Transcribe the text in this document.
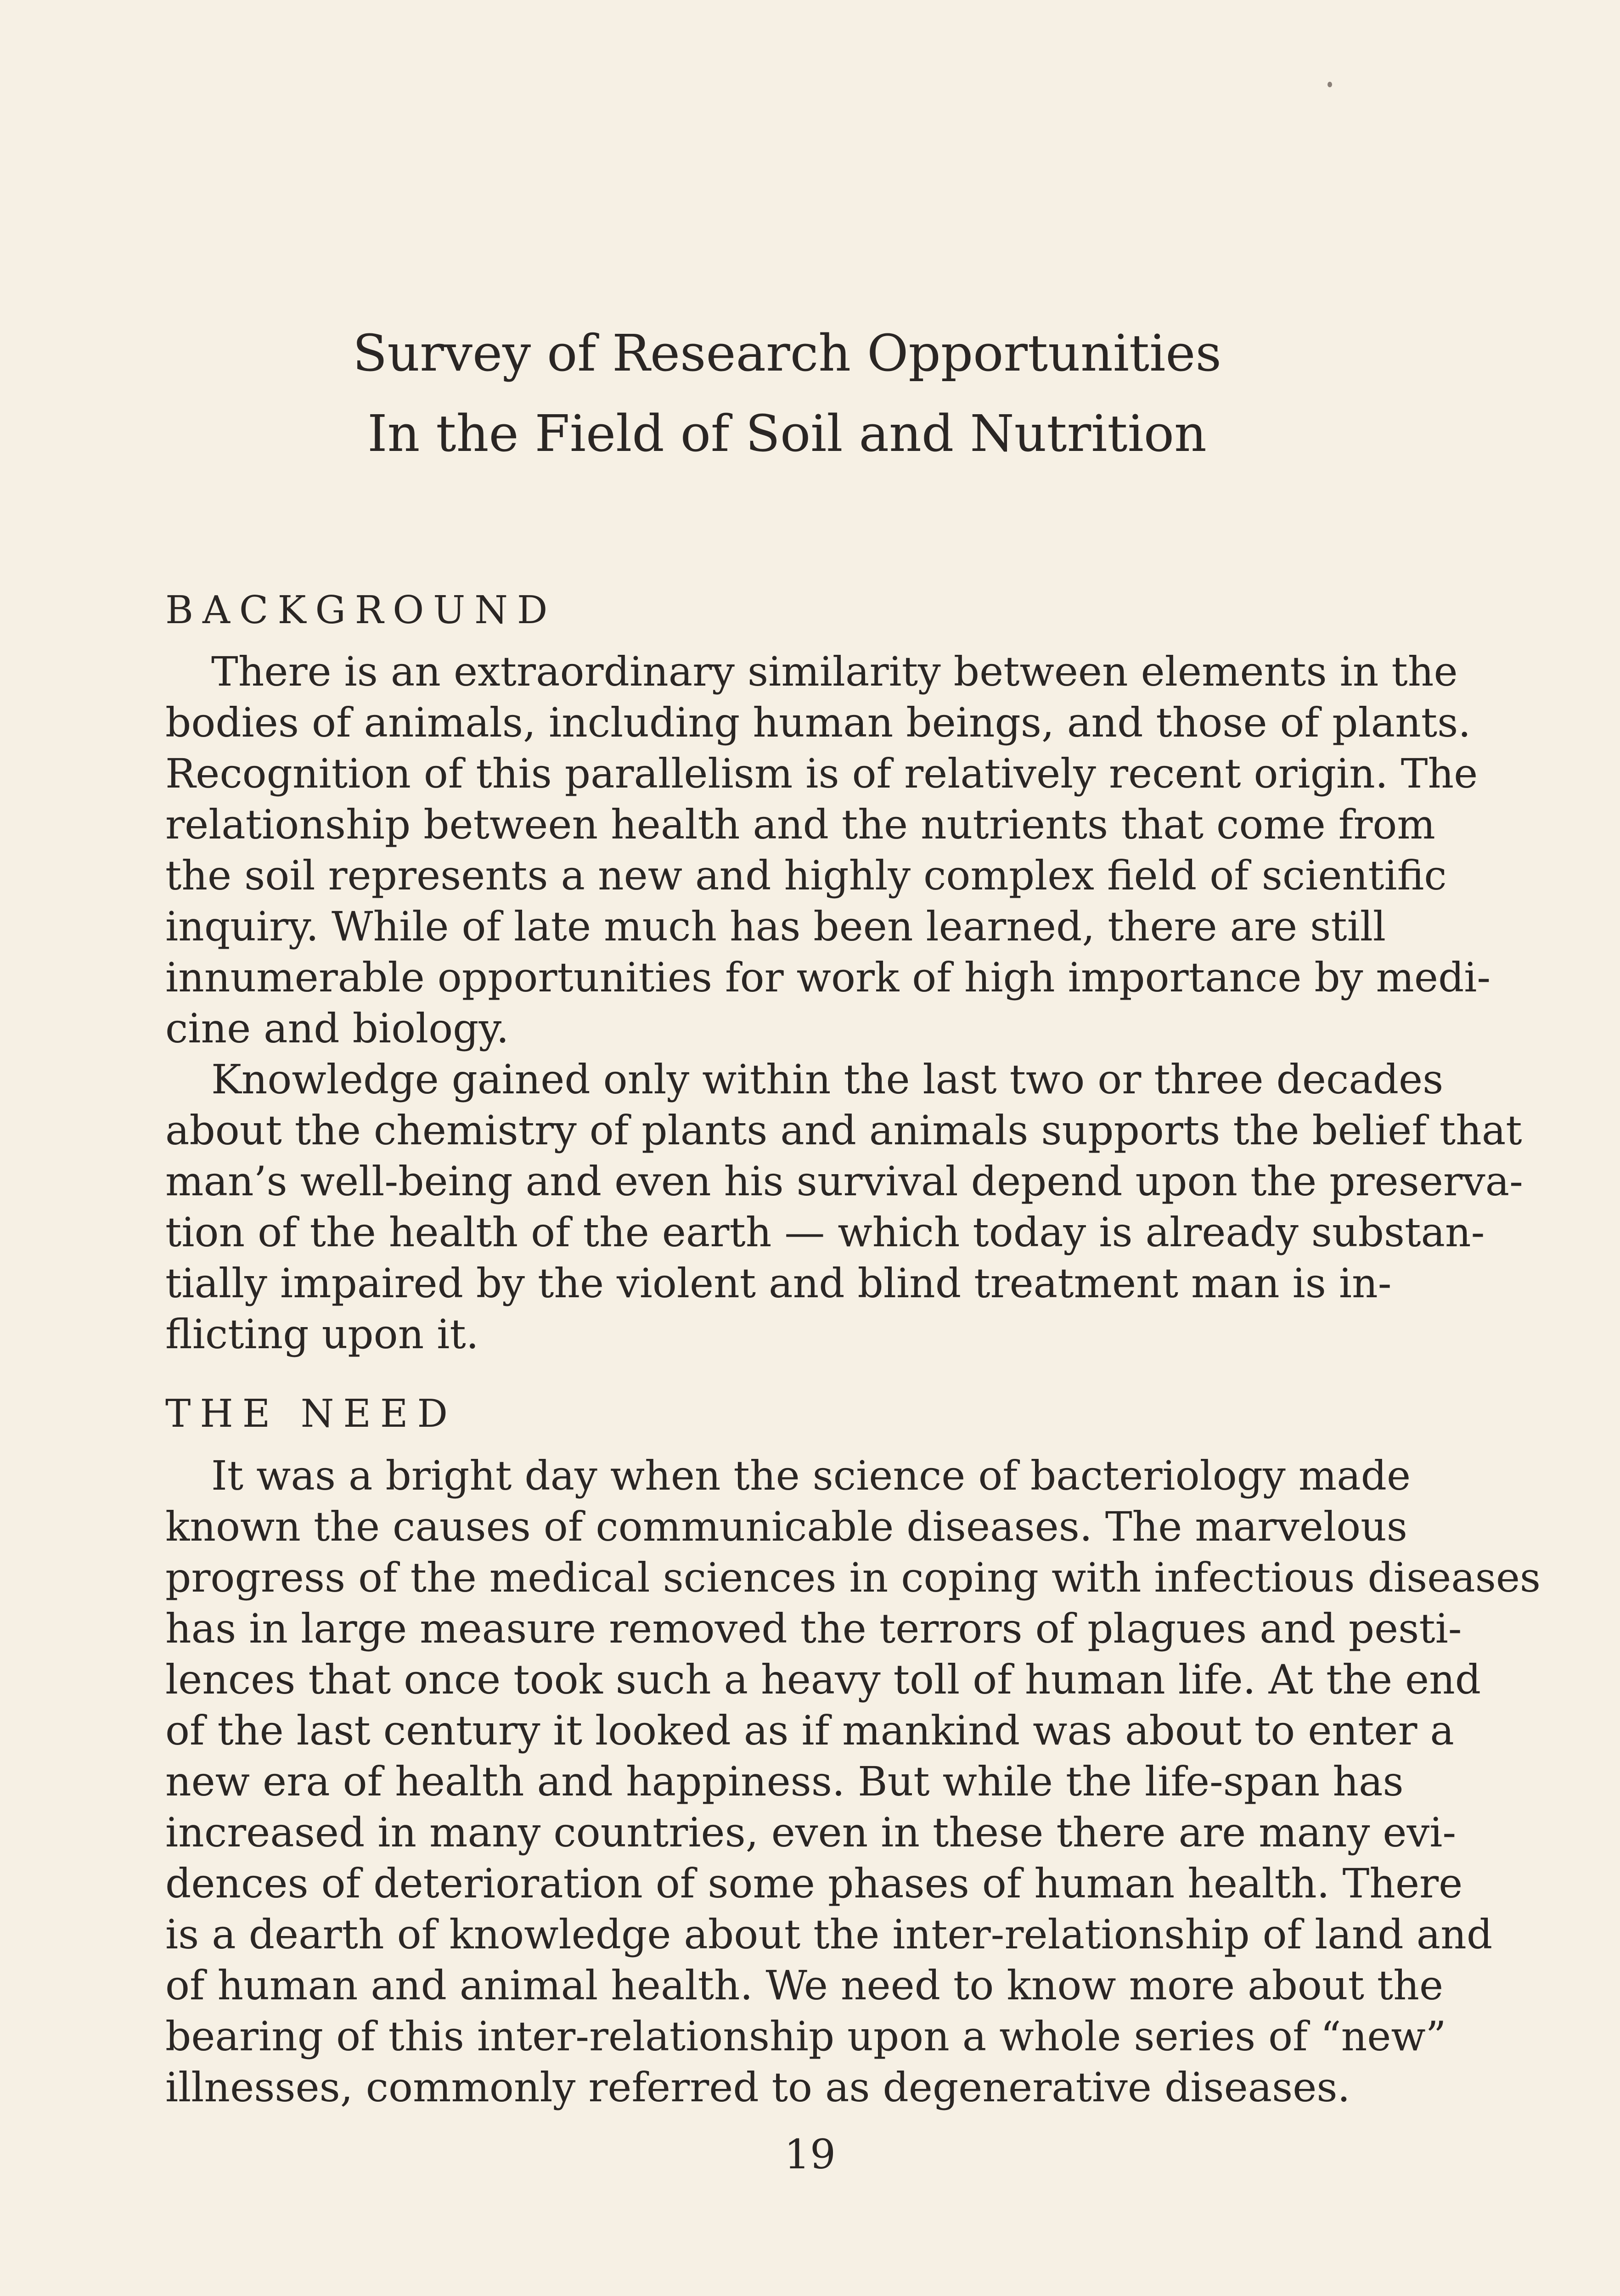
Survey of Research Opportunities
In the Field of Soil and Nutrition
BACKGROUND
There is an extraordinary similarity between elements in the
bodies of animals, including human beings, and those of plants.
Recognition of this parallelism is of relatively recent origin. The
relationship between health and the nutrients that come from
the soil represents a new and highly complex field of scientific
inquiry. While of late much has been learned, there are still
innumerable opportunities for work of high importance by medi-
cine and biology.
Knowledge gained only within the last two or three decades
about the chemistry of plants and animals supports the belief that
man’s well-being and even his survival depend upon the preserva-
tion of the health of the earth — which today is already substan-
tially impaired by the violent and blind treatment man is in-
flicting upon it.
THE NEED
It was a bright day when the science of bacteriology made
known the causes of communicable diseases. The marvelous
progress of the medical sciences in coping with infectious diseases
has in large measure removed the terrors of plagues and pesti-
lences that once took such a heavy toll of human life. At the end
of the last century it looked as if mankind was about to enter a
new era of health and happiness. But while the life-span has
increased in many countries, even in these there are many evi-
dences of deterioration of some phases of human health. There
is a dearth of knowledge about the inter-relationship of land and
of human and animal health. We need to know more about the
bearing of this inter-relationship upon a whole series of “new”
illnesses, commonly referred to as degenerative diseases.
19
